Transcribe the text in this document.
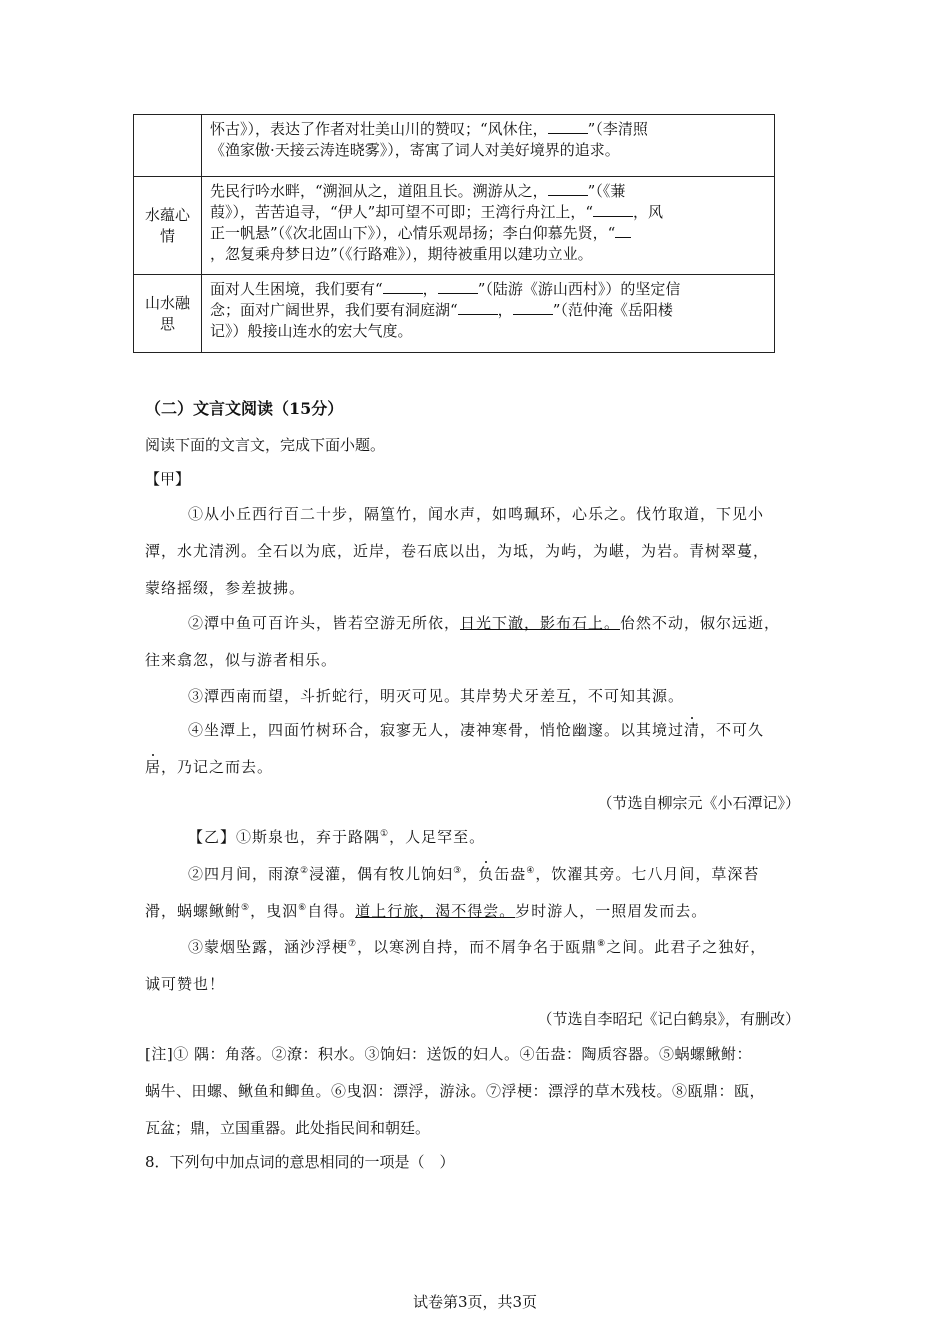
	怀古》），表达了作者对壮美山川的赞叹；“风休住， ”（李清照
《渔家傲·天接云涛连晓雾》），寄寓了词人对美好境界的追求。
水蕴心情	先民行吟水畔，“溯洄从之，道阻且长。溯游从之， ”（《蒹
葭》），苦苦追寻，“伊人”却可望不可即；王湾行舟江上，“ ，风
正一帆悬”（《次北固山下》），心情乐观昂扬；李白仰慕先贤，“
，忽复乘舟梦日边”（《行路难》），期待被重用以建功立业。
山水融思	面对人生困境，我们要有“ ， ”（陆游《游山西村》）的坚定信
念；面对广阔世界，我们要有洞庭湖“ ， ”（范仲淹《岳阳楼
记》）般接山连水的宏大气度。
（二）文言文阅读（15分）
阅读下面的文言文，完成下面小题。
【甲】
①从小丘西行百二十步，隔篁竹，闻水声，如鸣珮环，心乐之。伐竹取道，下见小
潭，水尤清洌。全石以为底，近岸，卷石底以出，为坻，为屿，为嵁，为岩。青树翠蔓，
蒙络摇缀，参差披拂。
②潭中鱼可百许头，皆若空游无所依，日光下澈，影布石上。佁然不动，俶尔远逝，
往来翕忽，似与游者相乐。
③潭西南而望，斗折蛇行，明灭可见。其岸势犬牙差互，不可知其源。
④坐潭上，四面竹树环合，寂寥无人，凄神寒骨，悄怆幽邃。以其境过清，不可久
居，乃记之而去。
（节选自柳宗元《小石潭记》）
【乙】①斯泉也，弃于路隅①，人足罕至。
②四月间，雨潦②浸灌，偶有牧儿饷妇③，负缶盎④，饮濯其旁。七八月间，草深苔
滑，蜗螺鳅鲋⑤，曳泅⑥自得。道上行旅，渴不得尝。岁时游人，一照眉发而去。
③蒙烟坠露，涵沙浮梗⑦，以寒洌自持，而不屑争名于瓯鼎⑧之间。此君子之独好，
诚可赞也！
（节选自李昭玘《记白鹤泉》，有删改）
[注]① 隅：角落。②潦：积水。③饷妇：送饭的妇人。④缶盎：陶质容器。⑤蜗螺鳅鲋：
蜗牛、田螺、鳅鱼和鲫鱼。⑥曳泅：漂浮，游泳。⑦浮梗：漂浮的草木残枝。⑧瓯鼎：瓯，
瓦盆；鼎，立国重器。此处指民间和朝廷。
8．下列句中加点词的意思相同的一项是（　）
试卷第3页，共3页
